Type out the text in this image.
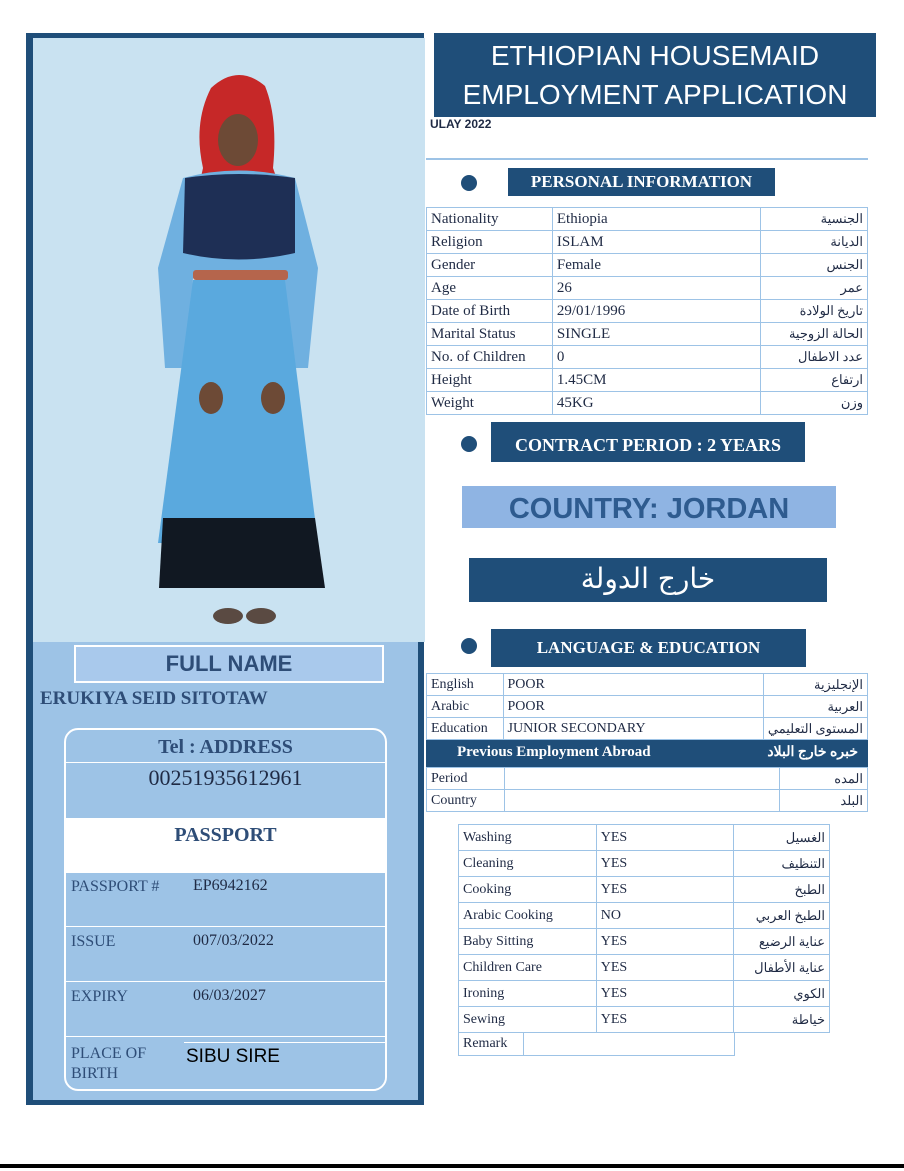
FULL NAME
ERUKIYA SEID SITOTAW
Tel : ADDRESS
00251935612961
PASSPORT
PASSPORT # EP6942162
ISSUE	007/03/2022
EXPIRY	06/03/2027
PLACE OF BIRTH
SIBU SIRE
ETHIOPIAN HOUSEMAID
EMPLOYMENT APPLICATION
ULAY 2022
PERSONAL INFORMATION
Nationality	Ethiopia	الجنسية
Religion	ISLAM	الديانة
Gender	Female	الجنس
Age	26	عمر
Date of Birth	29/01/1996	تاريخ الولادة
Marital Status	SINGLE	الحالة الزوجية
No. of Children	0	عدد الاطفال
Height	1.45CM	ارتفاع
Weight	45KG	وزن
CONTRACT PERIOD : 2 YEARS
COUNTRY: JORDAN
خارج الدولة
LANGUAGE & EDUCATION
English	POOR	الإنجليزية
Arabic	POOR	العربية
Education	JUNIOR SECONDARY	المستوى التعليمي
Previous Employment Abroad	خبره خارج البلاد
Period		المده
Country		البلد
Washing	YES	الغسيل
Cleaning	YES	التنظيف
Cooking	YES	الطبخ
Arabic Cooking	NO	الطبخ العربي
Baby Sitting	YES	عناية الرضيع
Children Care	YES	عناية الأطفال
Ironing	YES	الكوي
Sewing	YES	خياطة
Remark	
